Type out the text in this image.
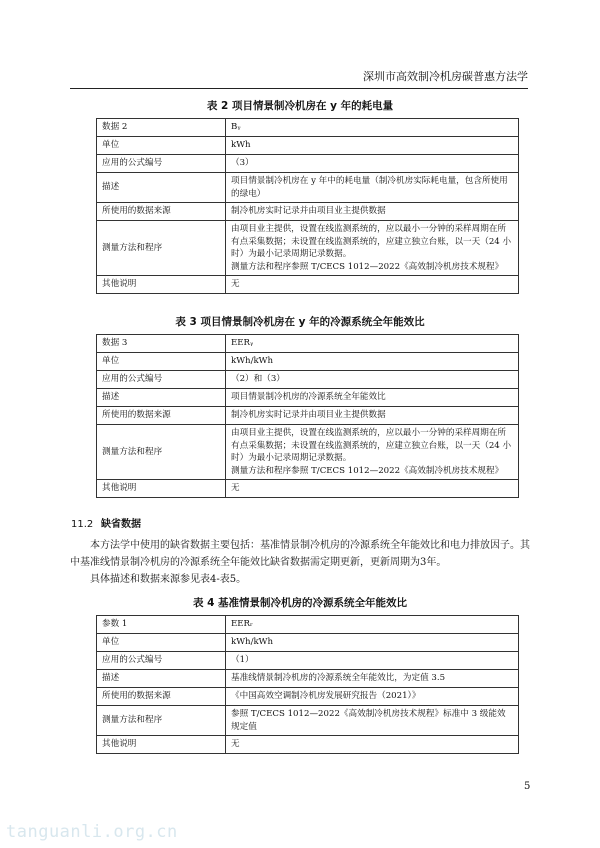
深圳市高效制冷机房碳普惠方法学
表 2 项目情景制冷机房在 y 年的耗电量
数据 2	Bᵧ
单位	kWh
应用的公式编号	（3）
描述	项目情景制冷机房在 y 年中的耗电量（制冷机房实际耗电量，包含所使用的绿电）
所使用的数据来源	制冷机房实时记录并由项目业主提供数据
测量方法和程序	由项目业主提供，设置在线监测系统的，应以最小一分钟的采样周期在所有点采集数据；未设置在线监测系统的，应建立独立台账，以一天（24 小时）为最小记录周期记录数据。
测量方法和程序参照 T/CECS 1012—2022《高效制冷机房技术规程》
其他说明	无
表 3 项目情景制冷机房在 y 年的冷源系统全年能效比
数据 3	EERᵧ
单位	kWh/kWh
应用的公式编号	（2）和（3）
描述	项目情景制冷机房的冷源系统全年能效比
所使用的数据来源	制冷机房实时记录并由项目业主提供数据
测量方法和程序	由项目业主提供，设置在线监测系统的，应以最小一分钟的采样周期在所有点采集数据；未设置在线监测系统的，应建立独立台账，以一天（24 小时）为最小记录周期记录数据。
测量方法和程序参照 T/CECS 1012—2022《高效制冷机房技术规程》
其他说明	无
11.2 缺省数据

本方法学中使用的缺省数据主要包括：基准情景制冷机房的冷源系统全年能效比和电力排放因子。其中基准线情景制冷机房的冷源系统全年能效比缺省数据需定期更新，更新周期为3年。

具体描述和数据来源参见表4-表5。

表 4 基准情景制冷机房的冷源系统全年能效比
参数 1	EERᵣ
单位	kWh/kWh
应用的公式编号	（1）
描述	基准线情景制冷机房的冷源系统全年能效比，为定值 3.5
所使用的数据来源	《中国高效空调制冷机房发展研究报告（2021）》
测量方法和程序	参照 T/CECS 1012—2022《高效制冷机房技术规程》标准中 3 级能效规定值
其他说明	无
5
tanguanli.org.cn
